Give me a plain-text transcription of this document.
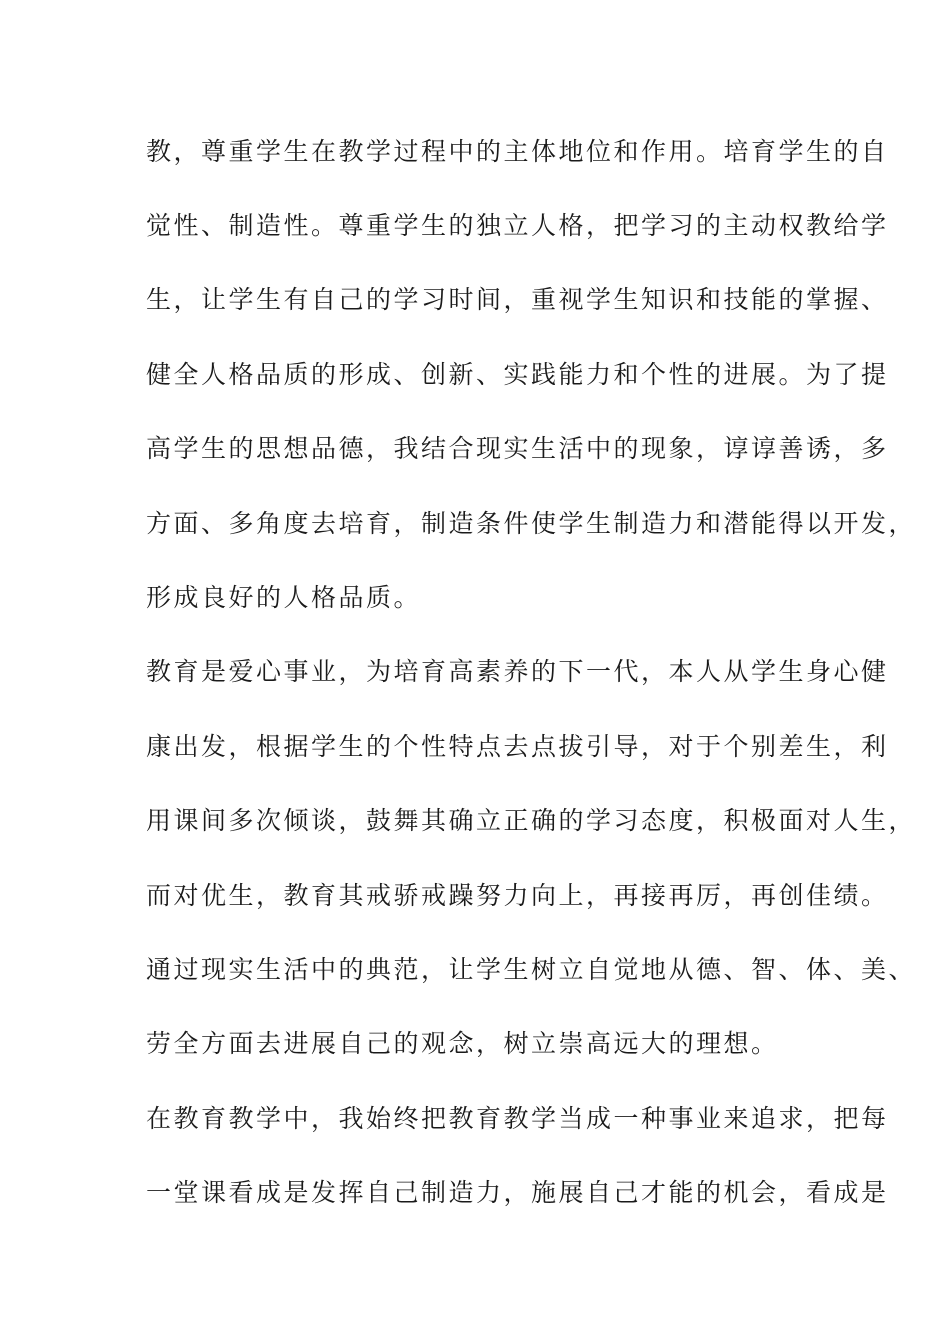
教，尊重学生在教学过程中的主体地位和作用。培育学生的自
觉性、制造性。尊重学生的独立人格，把学习的主动权教给学
生，让学生有自己的学习时间，重视学生知识和技能的掌握、
健全人格品质的形成、创新、实践能力和个性的进展。为了提
高学生的思想品德，我结合现实生活中的现象，谆谆善诱，多
方面、多角度去培育，制造条件使学生制造力和潜能得以开发，
形成良好的人格品质。
教育是爱心事业，为培育高素养的下一代，本人从学生身心健
康出发，根据学生的个性特点去点拔引导，对于个别差生，利
用课间多次倾谈，鼓舞其确立正确的学习态度，积极面对人生，
而对优生，教育其戒骄戒躁努力向上，再接再厉，再创佳绩。
通过现实生活中的典范，让学生树立自觉地从德、智、体、美、
劳全方面去进展自己的观念，树立崇高远大的理想。
在教育教学中，我始终把教育教学当成一种事业来追求，把每
一堂课看成是发挥自己制造力，施展自己才能的机会，看成是
